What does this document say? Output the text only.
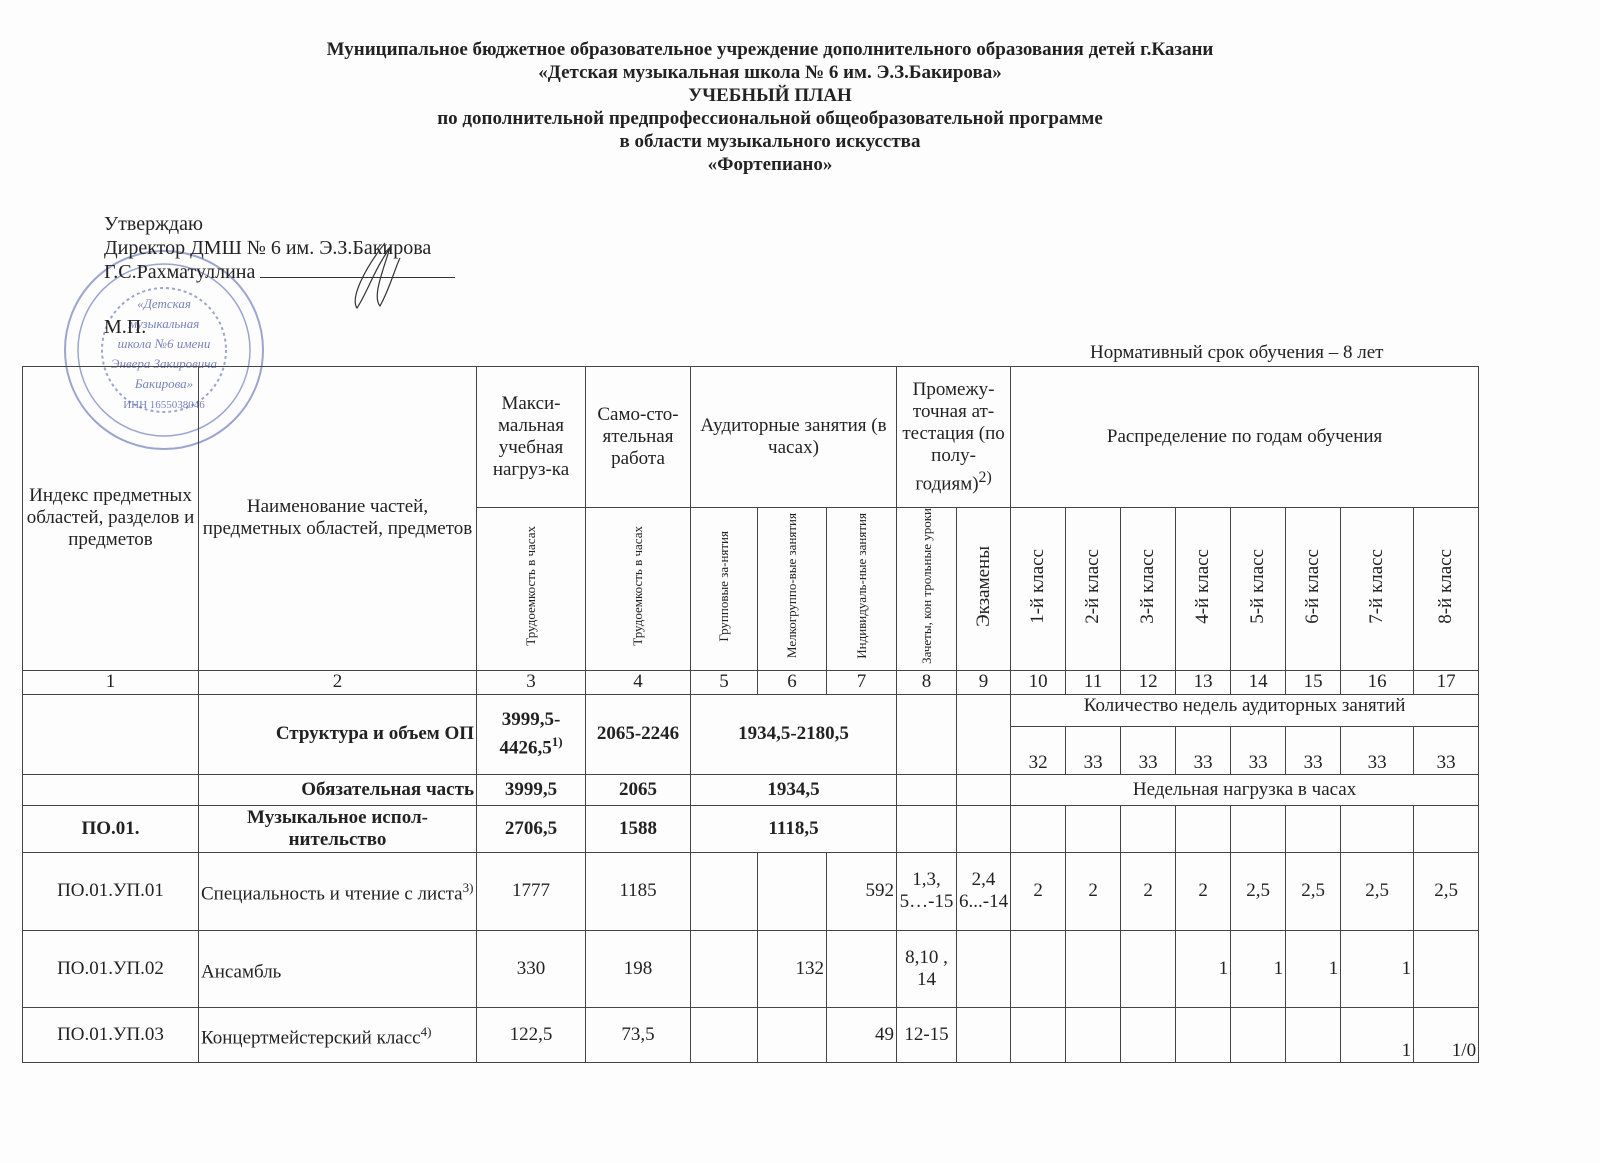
Муниципальное бюджетное образовательное учреждение дополнительного образования детей г.Казани
«Детская музыкальная школа № 6 им. Э.З.Бакирова»
УЧЕБНЫЙ ПЛАН
по дополнительной предпрофессиональной общеобразовательной программе
в области музыкального искусства
«Фортепиано»
«Детская
музыкальная
школа №6 имени
Энвера Закировича
Бакирова»
ИНН 1655038046
Утверждаю
Директор ДМШ № 6 им. Э.З.Бакирова
Г.С.Рахматуллина
М.П.
Нормативный срок обучения – 8 лет
Индекс предметных областей, разделов и предметов	Наименование частей, предметных областей, предметов	Макси-мальная учебная нагруз-ка	Само-сто-ятельная работа	Аудиторные занятия (в часах)			Промежу-точная ат-тестация (по полу-годиям)$^{2)}$		Распределение по годам обучения							
		Трудоемкость в часах	Трудоемкость в часах	Групповые за-нятия	Мелкогруппо-вые занятия	Индивидуаль-ные занятия	Зачеты, кон трольные уроки	Экзамены	1-й класс	2-й класс	3-й класс	4-й класс	5-й класс	6-й класс	7-й класс	8-й класс
1	2	3	4	5	6	7	8	9	10	11	12	13	14	15	16	17
	Структура и объем ОП	3999,5-4426,5$^{1)}$	2065-2246	1934,5-2180,5					Количество недель аудиторных занятий							
									32	33	33	33	33	33	33	33
	Обязательная часть	3999,5	2065	1934,5					Недельная нагрузка в часах							
ПО.01.	Музыкальное испол-нительство	2706,5	1588	1118,5												
ПО.01.УП.01	Специальность и чтение с листа$^{3)}$	1777	1185			592	1,3, 5…-15	2,4 6...-14	2	2	2	2	2,5	2,5	2,5	2,5
ПО.01.УП.02	Ансамбль	330	198		132		8,10 , 14					1	1	1	1	
ПО.01.УП.03	Концертмейстерский класс$^{4)}$	122,5	73,5			49	12-15								1	1/0
